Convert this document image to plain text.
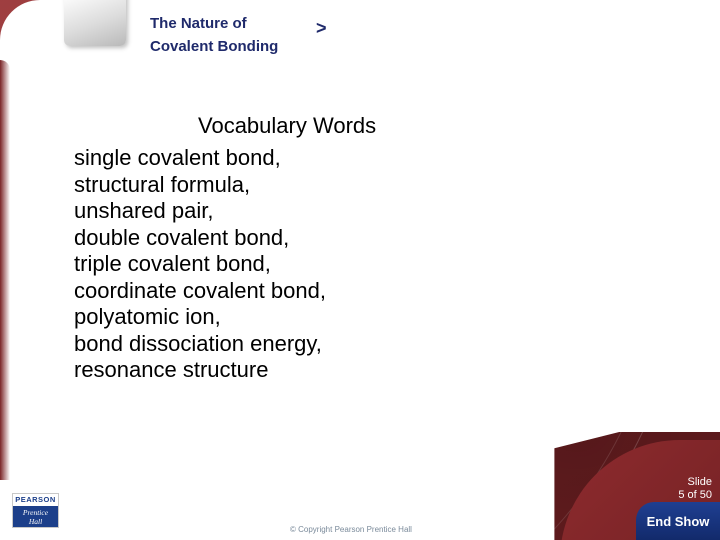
The Nature of
Covalent Bonding
>
Vocabulary Words
single covalent bond,
structural formula,
unshared pair,
double covalent bond,
triple covalent bond,
coordinate covalent bond,
polyatomic ion,
bond dissociation energy,
resonance structure
PEARSON
Prentice
Hall
© Copyright Pearson Prentice Hall
Slide
5 of 50
End Show
